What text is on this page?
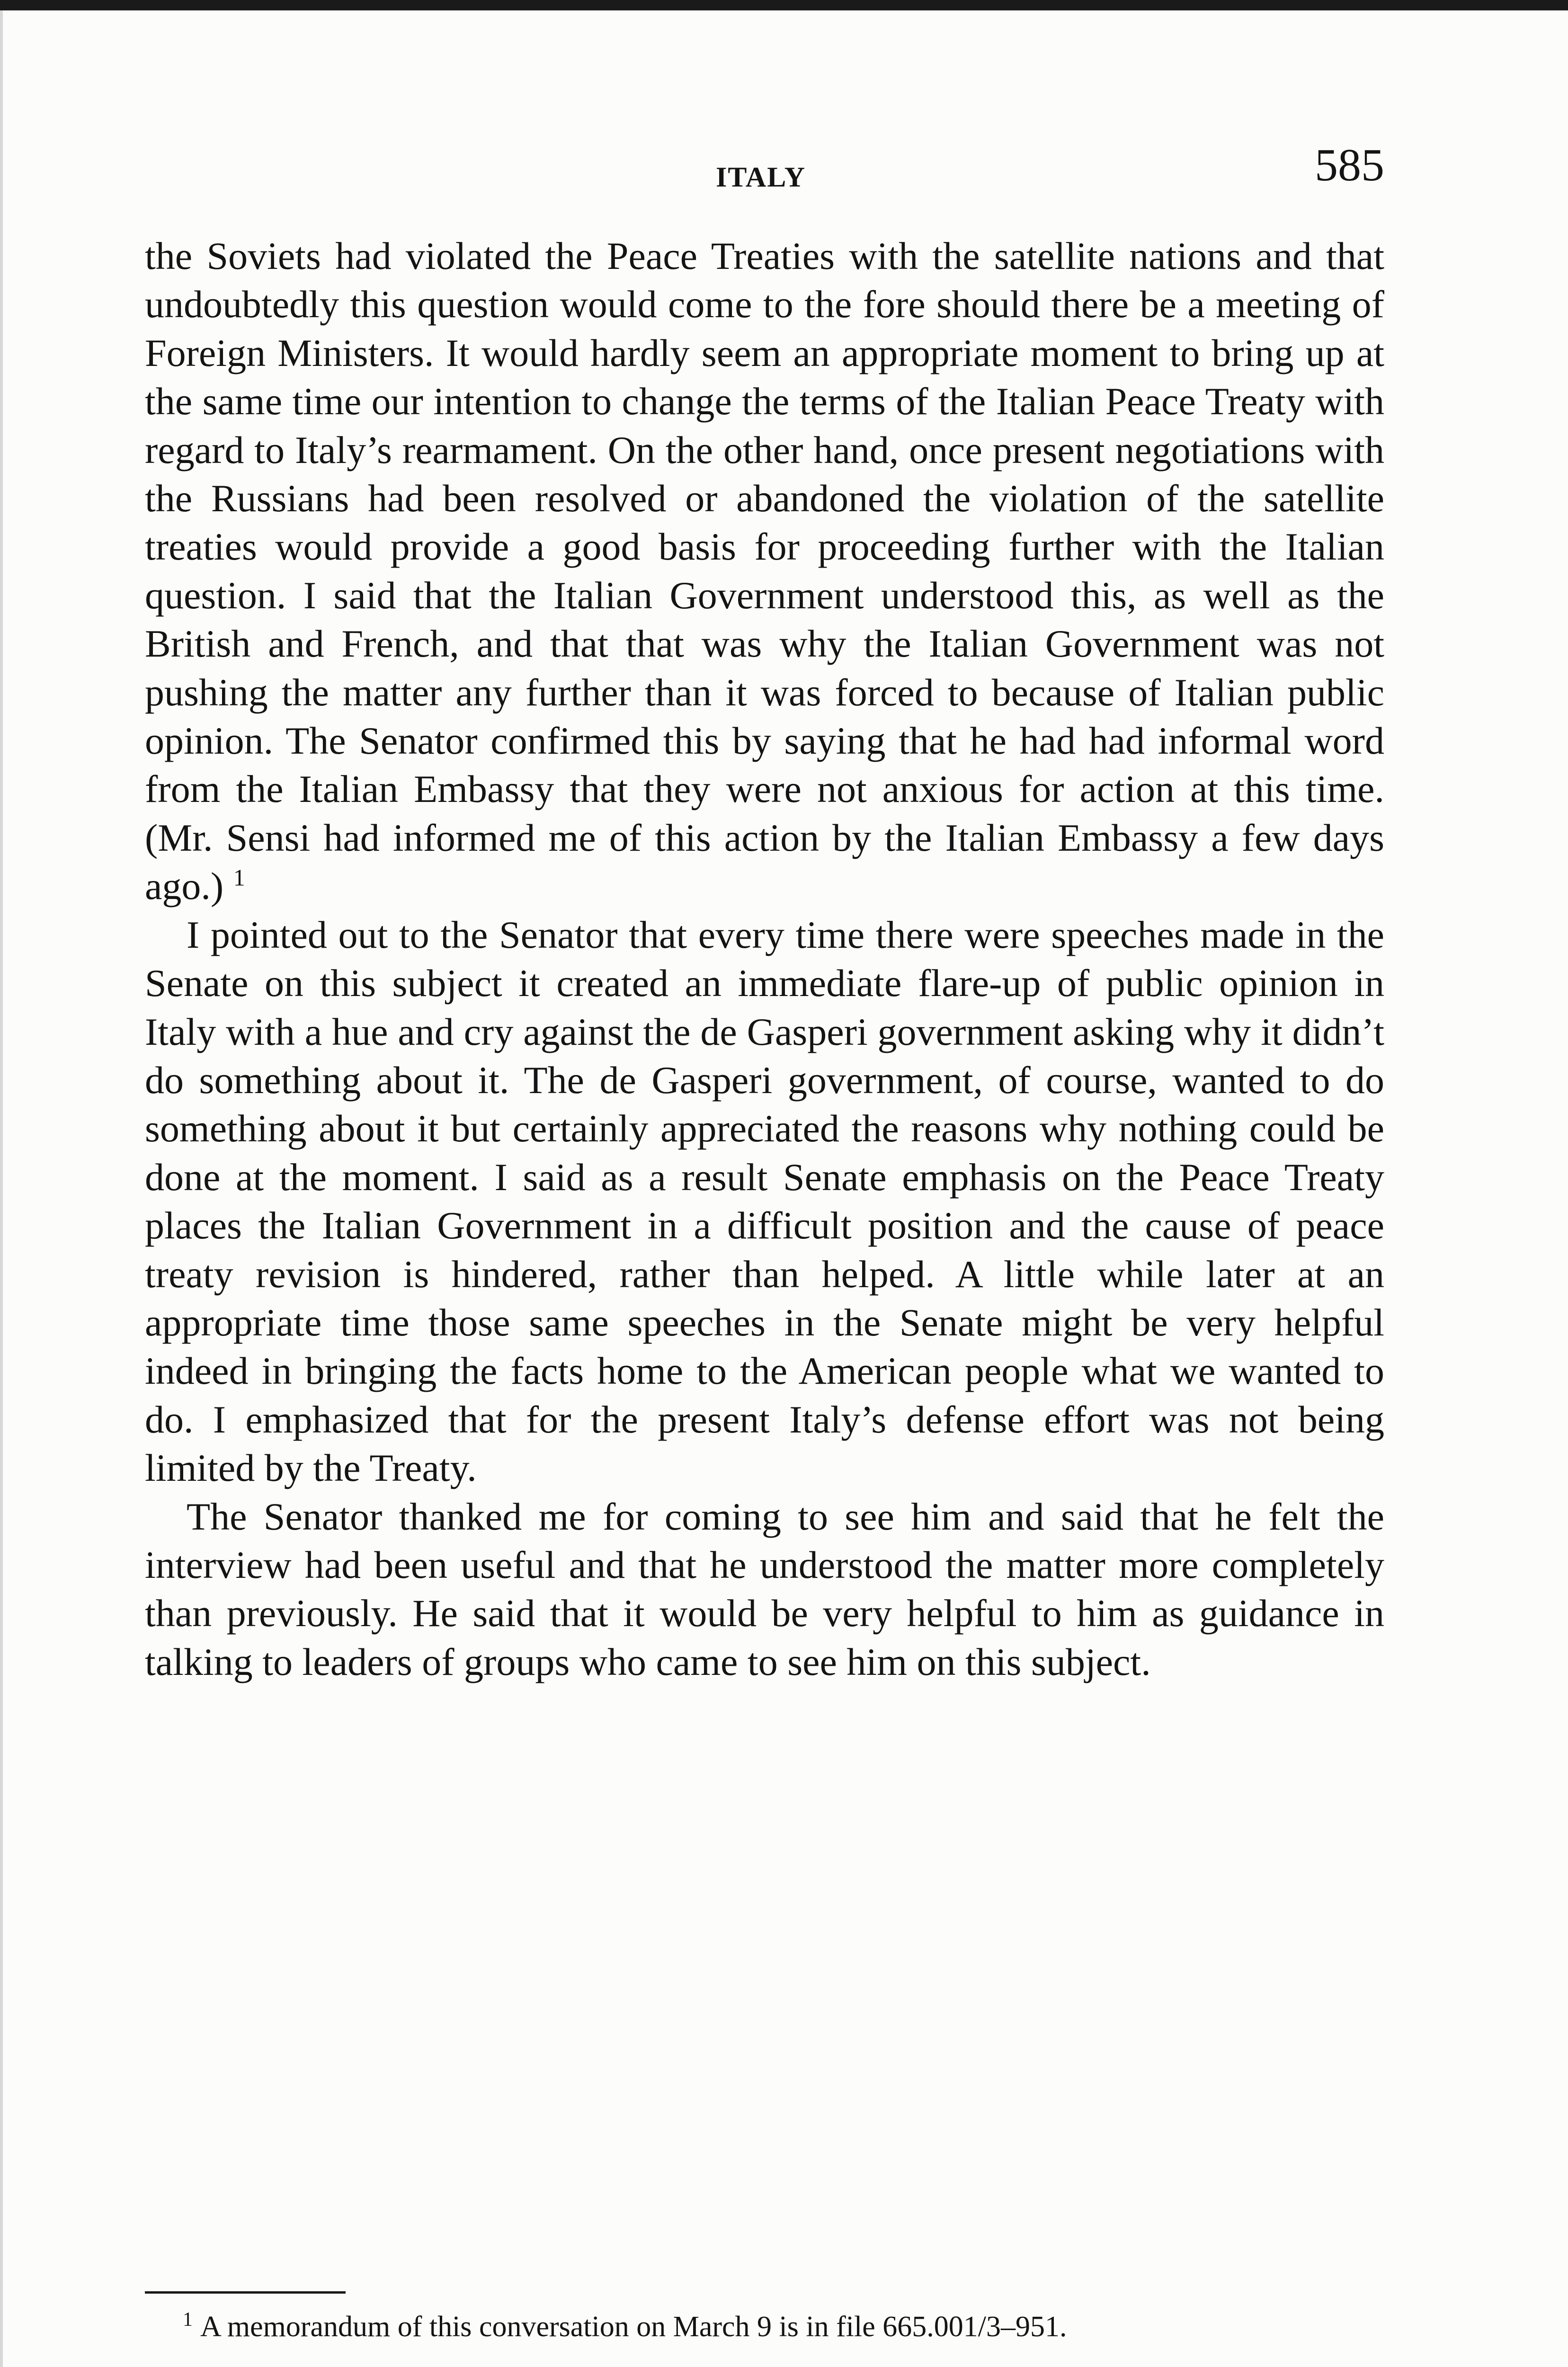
ITALY	585

the Soviets had violated the Peace Treaties with the satellite nations and that undoubtedly this question would come to the fore should there be a meeting of Foreign Ministers. It would hardly seem an appropriate moment to bring up at the same time our intention to change the terms of the Italian Peace Treaty with regard to Italy’s rearmament. On the other hand, once present negotiations with the Russians had been resolved or abandoned the violation of the satellite treaties would provide a good basis for proceeding further with the Italian question. I said that the Italian Government understood this, as well as the British and French, and that that was why the Italian Government was not pushing the matter any further than it was forced to because of Italian public opinion. The Senator confirmed this by saying that he had had informal word from the Italian Embassy that they were not anxious for action at this time. (Mr. Sensi had informed me of this action by the Italian Embassy a few days ago.) $^1$

I pointed out to the Senator that every time there were speeches made in the Senate on this subject it created an immediate flare-up of public opinion in Italy with a hue and cry against the de Gasperi government asking why it didn’t do something about it. The de Gasperi government, of course, wanted to do something about it but certainly appreciated the reasons why nothing could be done at the moment. I said as a result Senate emphasis on the Peace Treaty places the Italian Government in a difficult position and the cause of peace treaty revision is hindered, rather than helped. A little while later at an appropriate time those same speeches in the Senate might be very helpful indeed in bringing the facts home to the American people what we wanted to do. I emphasized that for the present Italy’s defense effort was not being limited by the Treaty.

The Senator thanked me for coming to see him and said that he felt the interview had been useful and that he understood the matter more completely than previously. He said that it would be very helpful to him as guidance in talking to leaders of groups who came to see him on this subject.

$^1$ A memorandum of this conversation on March 9 is in file 665.001/3–951.
